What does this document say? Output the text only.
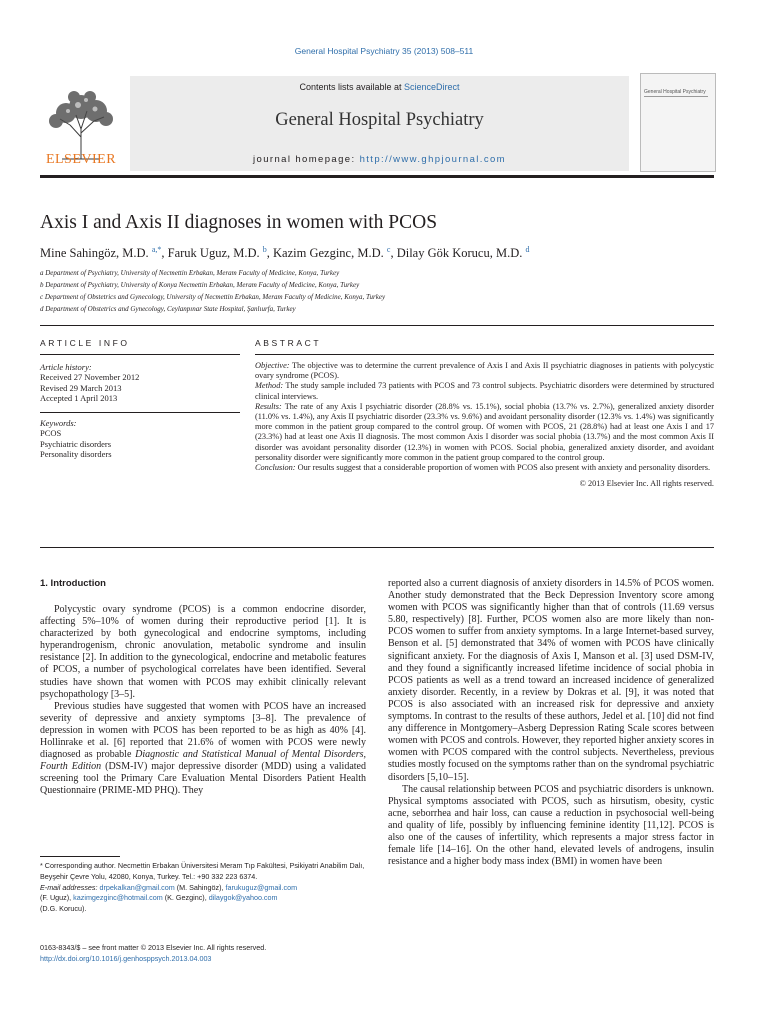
General Hospital Psychiatry 35 (2013) 508–511
Contents lists available at ScienceDirect
General Hospital Psychiatry
journal homepage: http://www.ghpjournal.com
ELSEVIER
General Hospital Psychiatry
Axis I and Axis II diagnoses in women with PCOS
Mine Sahingöz, M.D. $^{a,*}$, Faruk Uguz, M.D. $^b$, Kazim Gezginc, M.D. $^c$, Dilay Gök Korucu, M.D. $^d$
a Department of Psychiatry, University of Necmettin Erbakan, Meram Faculty of Medicine, Konya, Turkey
b Department of Psychiatry, University of Konya Necmettin Erbakan, Meram Faculty of Medicine, Konya, Turkey
c Department of Obstetrics and Gynecology, University of Necmettin Erbakan, Meram Faculty of Medicine, Konya, Turkey
d Department of Obstetrics and Gynecology, Ceylanpınar State Hospital, Şanlıurfa, Turkey
ARTICLE INFO	ABSTRACT
Article history:
Received 27 November 2012
Revised 29 March 2013
Accepted 1 April 2013
Keywords:
PCOS
Psychiatric disorders
Personality disorders

Objective: The objective was to determine the current prevalence of Axis I and Axis II psychiatric diagnoses in patients with polycystic ovary syndrome (PCOS).

Method: The study sample included 73 patients with PCOS and 73 control subjects. Psychiatric disorders were determined by structured clinical interviews.

Results: The rate of any Axis I psychiatric disorder (28.8% vs. 15.1%), social phobia (13.7% vs. 2.7%), generalized anxiety disorder (11.0% vs. 1.4%), any Axis II psychiatric disorder (23.3% vs. 9.6%) and avoidant personality disorder (12.3% vs. 1.4%) was significantly more common in the patient group compared to the control group. Of women with PCOS, 21 (28.8%) had at least one Axis I and 17 (23.3%) had at least one Axis II diagnosis. The most common Axis I disorder was social phobia (13.7%) and the most common Axis II disorder was avoidant personality disorder (12.3%) in women with PCOS. Social phobia, generalized anxiety disorder, and avoidant personality disorder were significantly more common in the patient group compared to the control group.

Conclusion: Our results suggest that a considerable proportion of women with PCOS also present with anxiety and personality disorders.

© 2013 Elsevier Inc. All rights reserved.

1. Introduction

Polycystic ovary syndrome (PCOS) is a common endocrine disorder, affecting 5%–10% of women during their reproductive period [1]. It is characterized by both gynecological and endocrine symptoms, including hyperandrogenism, chronic anovulation, metabolic syndrome and insulin resistance [2]. In addition to the gynecological, endocrine and metabolic features of PCOS, a number of psychological correlates have been identified. Several studies have shown that women with PCOS may exhibit clinically relevant psychopathology [3–5].

Previous studies have suggested that women with PCOS have an increased severity of depressive and anxiety symptoms [3–8]. The prevalence of depression in women with PCOS has been reported to be as high as 40% [4]. Hollinrake et al. [6] reported that 21.6% of women with PCOS were newly diagnosed as probable Diagnostic and Statistical Manual of Mental Disorders, Fourth Edition (DSM-IV) major depressive disorder (MDD) using a validated screening tool the Primary Care Evaluation Mental Disorders Patient Health Questionnaire (PRIME-MD PHQ). They

reported also a current diagnosis of anxiety disorders in 14.5% of PCOS women. Another study demonstrated that the Beck Depression Inventory score among women with PCOS was significantly higher than that of controls (11.69 versus 5.80, respectively) [8]. Further, PCOS women also are more likely than non-PCOS women to suffer from anxiety symptoms. In a large Internet-based survey, Benson et al. [5] demonstrated that 34% of women with PCOS have clinically significant anxiety. For the diagnosis of Axis I, Manson et al. [3] used DSM-IV, and they found a significantly increased lifetime incidence of social phobia in PCOS patients as well as a trend toward an increased incidence of generalized anxiety disorder. Recently, in a review by Dokras et al. [9], it was noted that PCOS is also associated with an increased risk for depressive and anxiety symptoms. In contrast to the results of these authors, Jedel et al. [10] did not find any difference in Montgomery–Asberg Depression Rating Scale scores between women with PCOS and controls. However, they reported higher anxiety scores in women with PCOS compared with the control subjects. Nevertheless, previous studies mostly focused on the symptoms rather than on the syndromal psychiatric disorders [5,10–15].

The causal relationship between PCOS and psychiatric disorders is unknown. Physical symptoms associated with PCOS, such as hirsutism, obesity, cystic acne, seborrhea and hair loss, can cause a reduction in psychosocial well-being and quality of life, possibly by influencing feminine identity [11,12]. PCOS is also one of the causes of infertility, which represents a major stress factor in female life [14–16]. On the other hand, elevated levels of androgens, insulin resistance and a higher body mass index (BMI) in women have been

* Corresponding author. Necmettin Erbakan Üniversitesi Meram Tıp Fakültesi, Psikiyatri Anabilim Dalı, Beyşehir Çevre Yolu, 42080, Konya, Turkey. Tel.: +90 332 223 6374.

E-mail addresses: drpekalkan@gmail.com (M. Sahingöz), farukuguz@gmail.com
(F. Uguz), kazimgezginc@hotmail.com (K. Gezginc), dilaygok@yahoo.com
(D.G. Korucu).

0163-8343/$ – see front matter © 2013 Elsevier Inc. All rights reserved.

http://dx.doi.org/10.1016/j.genhosppsych.2013.04.003
